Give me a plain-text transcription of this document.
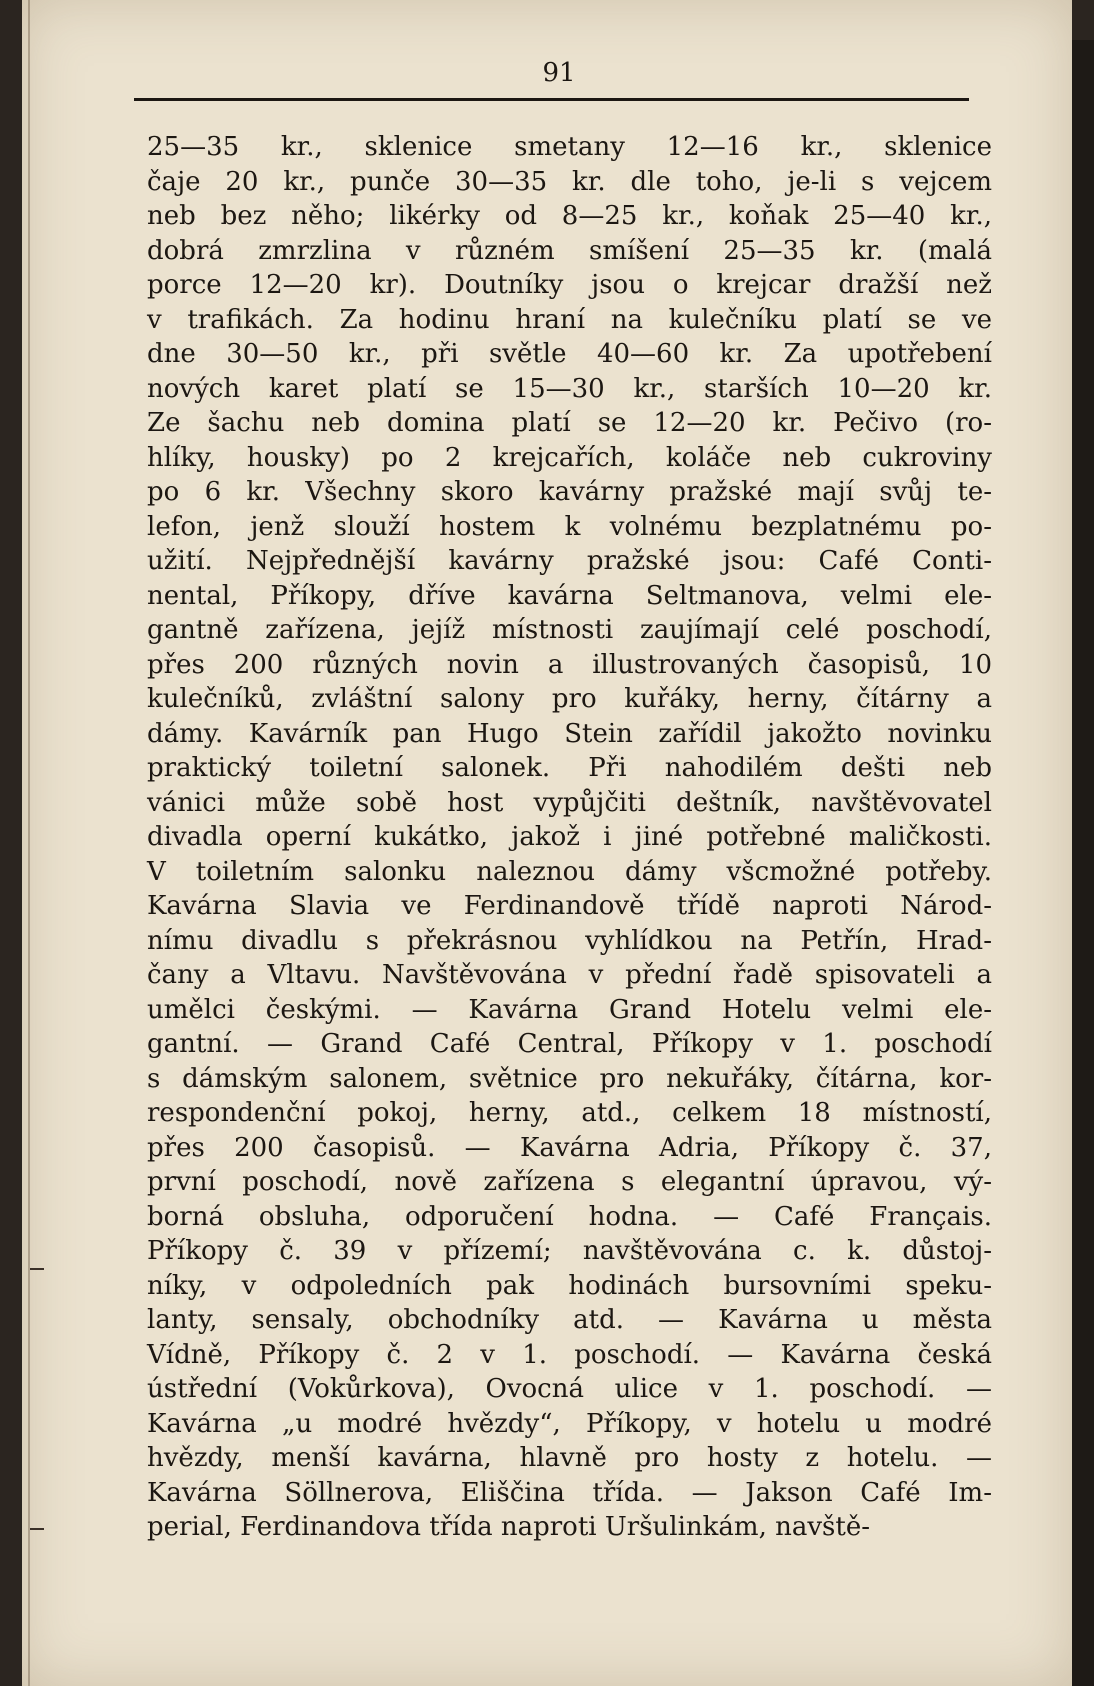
91
25—35 kr., sklenice smetany 12—16 kr., sklenice
čaje 20 kr., punče 30—35 kr. dle toho, je-li s vejcem
neb bez něho; likérky od 8—25 kr., koňak 25—40 kr.,
dobrá zmrzlina v různém smíšení 25—35 kr. (malá
porce 12—20 kr). Doutníky jsou o krejcar dražší než
v trafikách. Za hodinu hraní na kulečníku platí se ve
dne 30—50 kr., při světle 40—60 kr. Za upotřebení
nových karet platí se 15—30 kr., starších 10—20 kr.
Ze šachu neb domina platí se 12—20 kr. Pečivo (ro-
hlíky, housky) po 2 krejcařích, koláče neb cukroviny
po 6 kr. Všechny skoro kavárny pražské mají svůj te-
lefon, jenž slouží hostem k volnému bezplatnému po-
užití. Nejpřednější kavárny pražské jsou: Café Conti-
nental, Příkopy, dříve kavárna Seltmanova, velmi ele-
gantně zařízena, jejíž místnosti zaujímají celé poschodí,
přes 200 různých novin a illustrovaných časopisů, 10
kulečníků, zvláštní salony pro kuřáky, herny, čítárny a
dámy. Kavárník pan Hugo Stein zařídil jakožto novinku
praktický toiletní salonek. Při nahodilém dešti neb
vánici může sobě host vypůjčiti deštník, navštěvovatel
divadla operní kukátko, jakož i jiné potřebné maličkosti.
V toiletním salonku naleznou dámy všcmožné potřeby.
Kavárna Slavia ve Ferdinandově třídě naproti Národ-
nímu divadlu s překrásnou vyhlídkou na Petřín, Hrad-
čany a Vltavu. Navštěvována v přední řadě spisovateli a
umělci českými. — Kavárna Grand Hotelu velmi ele-
gantní. — Grand Café Central, Příkopy v 1. poschodí
s dámským salonem, světnice pro nekuřáky, čítárna, kor-
respondenční pokoj, herny, atd., celkem 18 místností,
přes 200 časopisů. — Kavárna Adria, Příkopy č. 37,
první poschodí, nově zařízena s elegantní úpravou, vý-
borná obsluha, odporučení hodna. — Café Français.
Příkopy č. 39 v přízemí; navštěvována c. k. důstoj-
níky, v odpoledních pak hodinách bursovními speku-
lanty, sensaly, obchodníky atd. — Kavárna u města
Vídně, Příkopy č. 2 v 1. poschodí. — Kavárna česká
ústřední (Vokůrkova), Ovocná ulice v 1. poschodí. —
Kavárna „u modré hvězdy“, Příkopy, v hotelu u modré
hvězdy, menší kavárna, hlavně pro hosty z hotelu. —
Kavárna Söllnerova, Eliščina třída. — Jakson Café Im-
perial, Ferdinandova třída naproti Uršulinkám, navště-
